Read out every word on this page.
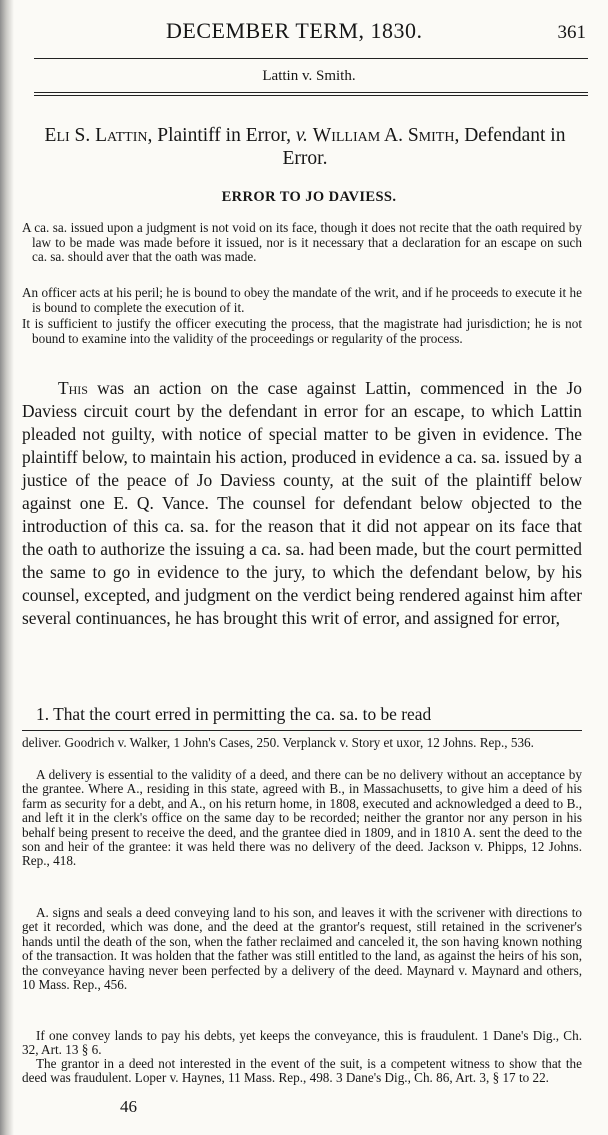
DECEMBER TERM, 1830.	361
Lattin v. Smith.
Eli S. Lattin, Plaintiff in Error, v. William A. Smith, Defendant in Error.
ERROR TO JO DAVIESS.

A ca. sa. issued upon a judgment is not void on its face, though it does not recite that the oath required by law to be made was made before it issued, nor is it necessary that a declaration for an escape on such ca. sa. should aver that the oath was made.

An officer acts at his peril; he is bound to obey the mandate of the writ, and if he proceeds to execute it he is bound to complete the execution of it.

It is sufficient to justify the officer executing the process, that the magistrate had jurisdiction; he is not bound to examine into the validity of the proceedings or regularity of the process.

This was an action on the case against Lattin, commenced in the Jo Daviess circuit court by the defendant in error for an escape, to which Lattin pleaded not guilty, with notice of special matter to be given in evidence. The plaintiff below, to maintain his action, produced in evidence a ca. sa. issued by a justice of the peace of Jo Daviess county, at the suit of the plaintiff below against one E. Q. Vance. The counsel for defendant below objected to the introduction of this ca. sa. for the reason that it did not appear on its face that the oath to authorize the issuing a ca. sa. had been made, but the court permitted the same to go in evidence to the jury, to which the defendant below, by his counsel, excepted, and judgment on the verdict being rendered against him after several continuances, he has brought this writ of error, and assigned for error,

1. That the court erred in permitting the ca. sa. to be read

deliver. Goodrich v. Walker, 1 John's Cases, 250. Verplanck v. Story et uxor, 12 Johns. Rep., 536.

A delivery is essential to the validity of a deed, and there can be no delivery without an acceptance by the grantee. Where A., residing in this state, agreed with B., in Massachusetts, to give him a deed of his farm as security for a debt, and A., on his return home, in 1808, executed and acknowledged a deed to B., and left it in the clerk's office on the same day to be recorded; neither the grantor nor any person in his behalf being present to receive the deed, and the grantee died in 1809, and in 1810 A. sent the deed to the son and heir of the grantee: it was held there was no delivery of the deed. Jackson v. Phipps, 12 Johns. Rep., 418.

A. signs and seals a deed conveying land to his son, and leaves it with the scrivener with directions to get it recorded, which was done, and the deed at the grantor's request, still retained in the scrivener's hands until the death of the son, when the father reclaimed and canceled it, the son having known nothing of the transaction. It was holden that the father was still entitled to the land, as against the heirs of his son, the conveyance having never been perfected by a delivery of the deed. Maynard v. Maynard and others, 10 Mass. Rep., 456.

If one convey lands to pay his debts, yet keeps the conveyance, this is fraudulent. 1 Dane's Dig., Ch. 32, Art. 13 § 6.

The grantor in a deed not interested in the event of the suit, is a competent witness to show that the deed was fraudulent. Loper v. Haynes, 11 Mass. Rep., 498. 3 Dane's Dig., Ch. 86, Art. 3, § 17 to 22.

46
